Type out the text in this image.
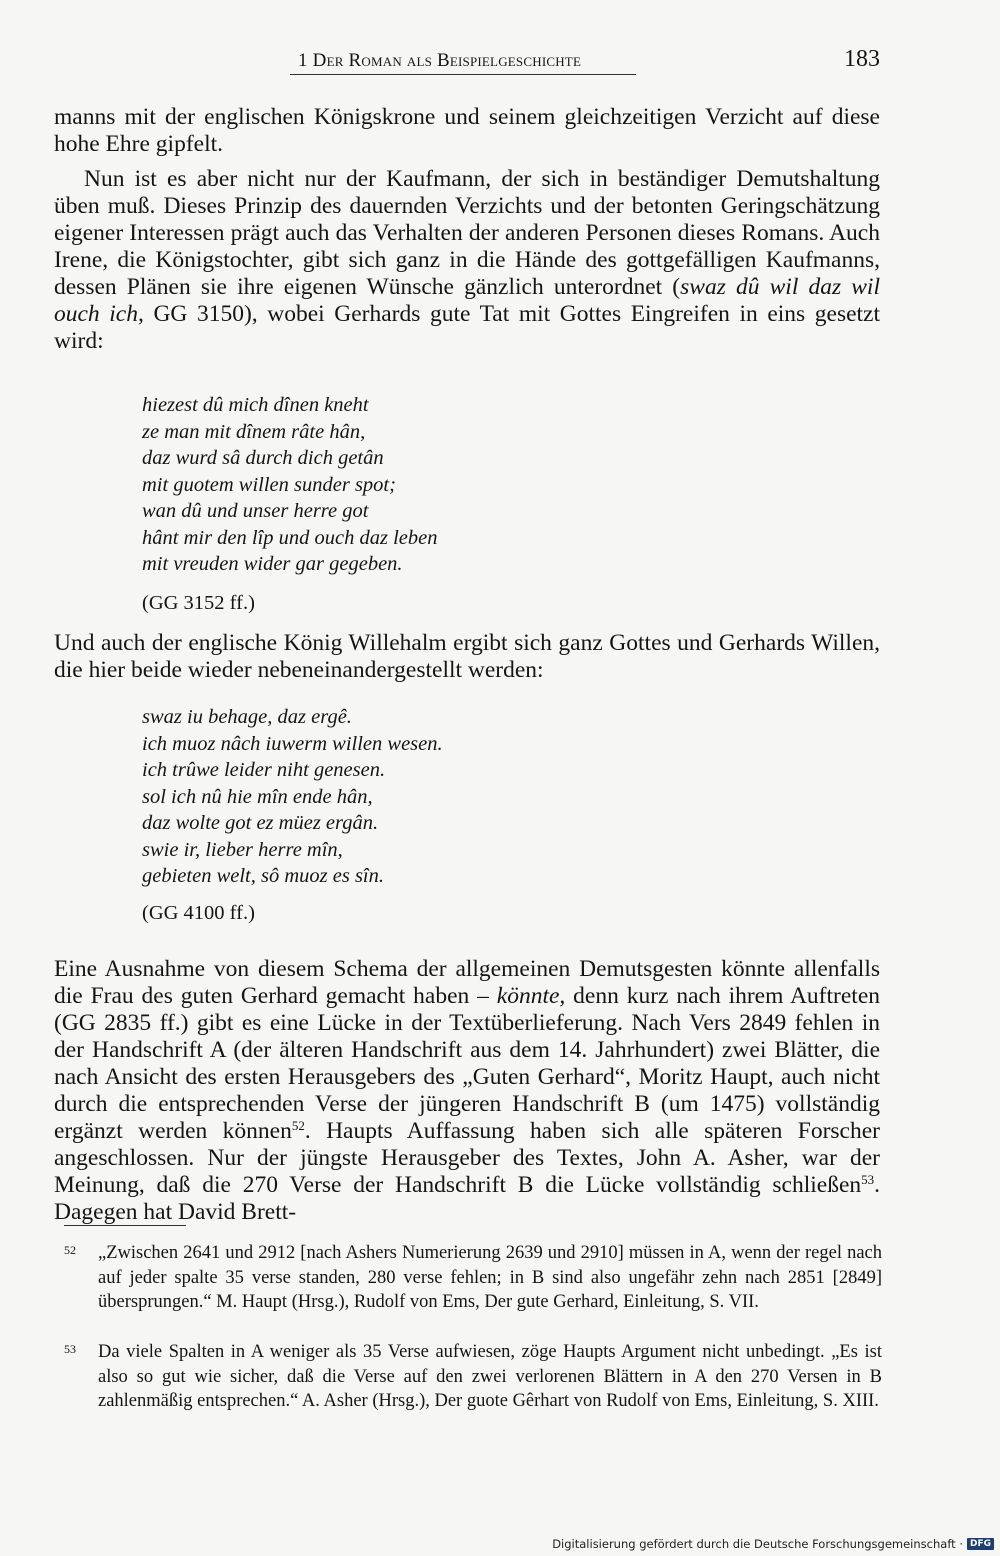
1 Der Roman als Beispielgeschichte	183

manns mit der englischen Königskrone und seinem gleichzeitigen Verzicht auf diese hohe Ehre gipfelt.

Nun ist es aber nicht nur der Kaufmann, der sich in beständiger Demutshaltung üben muß. Dieses Prinzip des dauernden Verzichts und der betonten Geringschätzung eigener Interessen prägt auch das Verhalten der anderen Personen dieses Romans. Auch Irene, die Königstochter, gibt sich ganz in die Hände des gottgefälligen Kaufmanns, dessen Plänen sie ihre eigenen Wünsche gänzlich unterordnet (swaz dû wil daz wil ouch ich, GG 3150), wobei Gerhards gute Tat mit Gottes Eingreifen in eins gesetzt wird:

hiezest dû mich dînen kneht
ze man mit dînem râte hân,
daz wurd sâ durch dich getân
mit guotem willen sunder spot;
wan dû und unser herre got
hânt mir den lîp und ouch daz leben
mit vreuden wider gar gegeben.
(GG 3152 ff.)

Und auch der englische König Willehalm ergibt sich ganz Gottes und Gerhards Willen, die hier beide wieder nebeneinandergestellt werden:

swaz iu behage, daz ergê.
ich muoz nâch iuwerm willen wesen.
ich trûwe leider niht genesen.
sol ich nû hie mîn ende hân,
daz wolte got ez müez ergân.
swie ir, lieber herre mîn,
gebieten welt, sô muoz es sîn.
(GG 4100 ff.)

Eine Ausnahme von diesem Schema der allgemeinen Demutsgesten könnte allenfalls die Frau des guten Gerhard gemacht haben – könnte, denn kurz nach ihrem Auftreten (GG 2835 ff.) gibt es eine Lücke in der Textüberlieferung. Nach Vers 2849 fehlen in der Handschrift A (der älteren Handschrift aus dem 14. Jahrhundert) zwei Blätter, die nach Ansicht des ersten Herausgebers des „Guten Gerhard“, Moritz Haupt, auch nicht durch die entsprechenden Verse der jüngeren Handschrift B (um 1475) vollständig ergänzt werden können$^{52}$. Haupts Auffassung haben sich alle späteren Forscher angeschlossen. Nur der jüngste Herausgeber des Textes, John A. Asher, war der Meinung, daß die 270 Verse der Handschrift B die Lücke vollständig schließen$^{53}$. Dagegen hat David Brett-

52 „Zwischen 2641 und 2912 [nach Ashers Numerierung 2639 und 2910] müssen in A, wenn der regel nach auf jeder spalte 35 verse standen, 280 verse fehlen; in B sind also ungefähr zehn nach 2851 [2849] übersprungen.“ M. Haupt (Hrsg.), Rudolf von Ems, Der gute Gerhard, Einleitung, S. VII.
53 Da viele Spalten in A weniger als 35 Verse aufwiesen, zöge Haupts Argument nicht unbedingt. „Es ist also so gut wie sicher, daß die Verse auf den zwei verlorenen Blättern in A den 270 Versen in B zahlenmäßig entsprechen.“ A. Asher (Hrsg.), Der guote Gêrhart von Rudolf von Ems, Einleitung, S. XIII.
Digitalisierung gefördert durch die Deutsche Forschungsgemeinschaft · DFG
